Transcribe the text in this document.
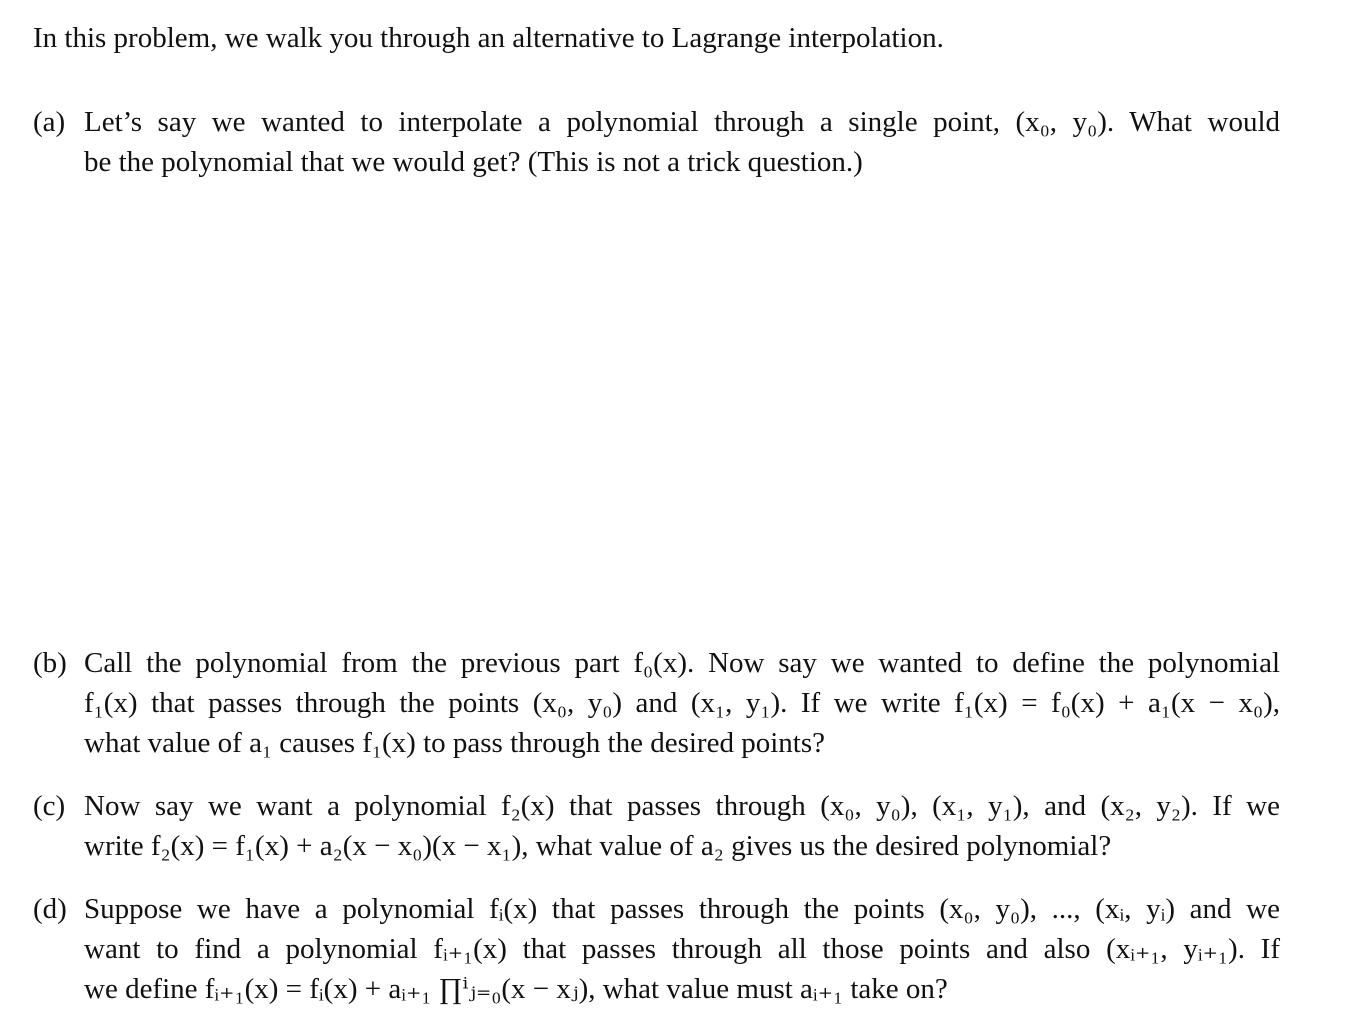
In this problem, we walk you through an alternative to Lagrange interpolation.
(a) Let’s say we wanted to interpolate a polynomial through a single point, (x₀, y₀). What would
be the polynomial that we would get? (This is not a trick question.)
(b) Call the polynomial from the previous part f₀(x). Now say we wanted to define the polynomial
f₁(x) that passes through the points (x₀, y₀) and (x₁, y₁). If we write f₁(x) = f₀(x) + a₁(x − x₀),
what value of a₁ causes f₁(x) to pass through the desired points?
(c) Now say we want a polynomial f₂(x) that passes through (x₀, y₀), (x₁, y₁), and (x₂, y₂). If we
write f₂(x) = f₁(x) + a₂(x − x₀)(x − x₁), what value of a₂ gives us the desired polynomial?
(d) Suppose we have a polynomial fᵢ(x) that passes through the points (x₀, y₀), ..., (xᵢ, yᵢ) and we
want to find a polynomial fᵢ₊₁(x) that passes through all those points and also (xᵢ₊₁, yᵢ₊₁). If
we define fᵢ₊₁(x) = fᵢ(x) + aᵢ₊₁ ∏ⁱⱼ₌₀(x − xⱼ), what value must aᵢ₊₁ take on?
